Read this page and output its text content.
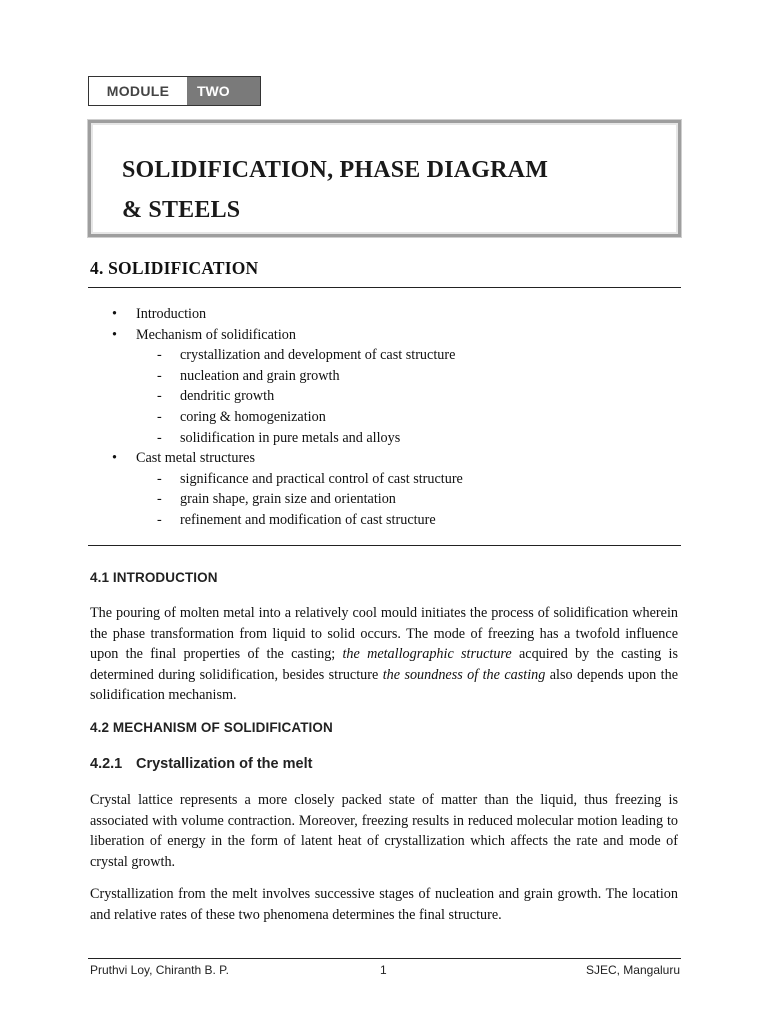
MODULE	TWO
SOLIDIFICATION, PHASE DIAGRAM
& STEELS
4. SOLIDIFICATION
• Introduction
• Mechanism of solidification
- crystallization and development of cast structure
- nucleation and grain growth
- dendritic growth
- coring & homogenization
- solidification in pure metals and alloys
• Cast metal structures
- significance and practical control of cast structure
- grain shape, grain size and orientation
- refinement and modification of cast structure
4.1 INTRODUCTION

The pouring of molten metal into a relatively cool mould initiates the process of solidification wherein the phase transformation from liquid to solid occurs. The mode of freezing has a twofold influence upon the final properties of the casting; the metallographic structure acquired by the casting is determined during solidification, besides structure the soundness of the casting also depends upon the solidification mechanism.

4.2 MECHANISM OF SOLIDIFICATION
4.2.1 Crystallization of the melt

Crystal lattice represents a more closely packed state of matter than the liquid, thus freezing is associated with volume contraction. Moreover, freezing results in reduced molecular motion leading to liberation of energy in the form of latent heat of crystallization which affects the rate and mode of crystal growth.

Crystallization from the melt involves successive stages of nucleation and grain growth. The location and relative rates of these two phenomena determines the final structure.

Pruthvi Loy, Chiranth B. P.	1	SJEC, Mangaluru
